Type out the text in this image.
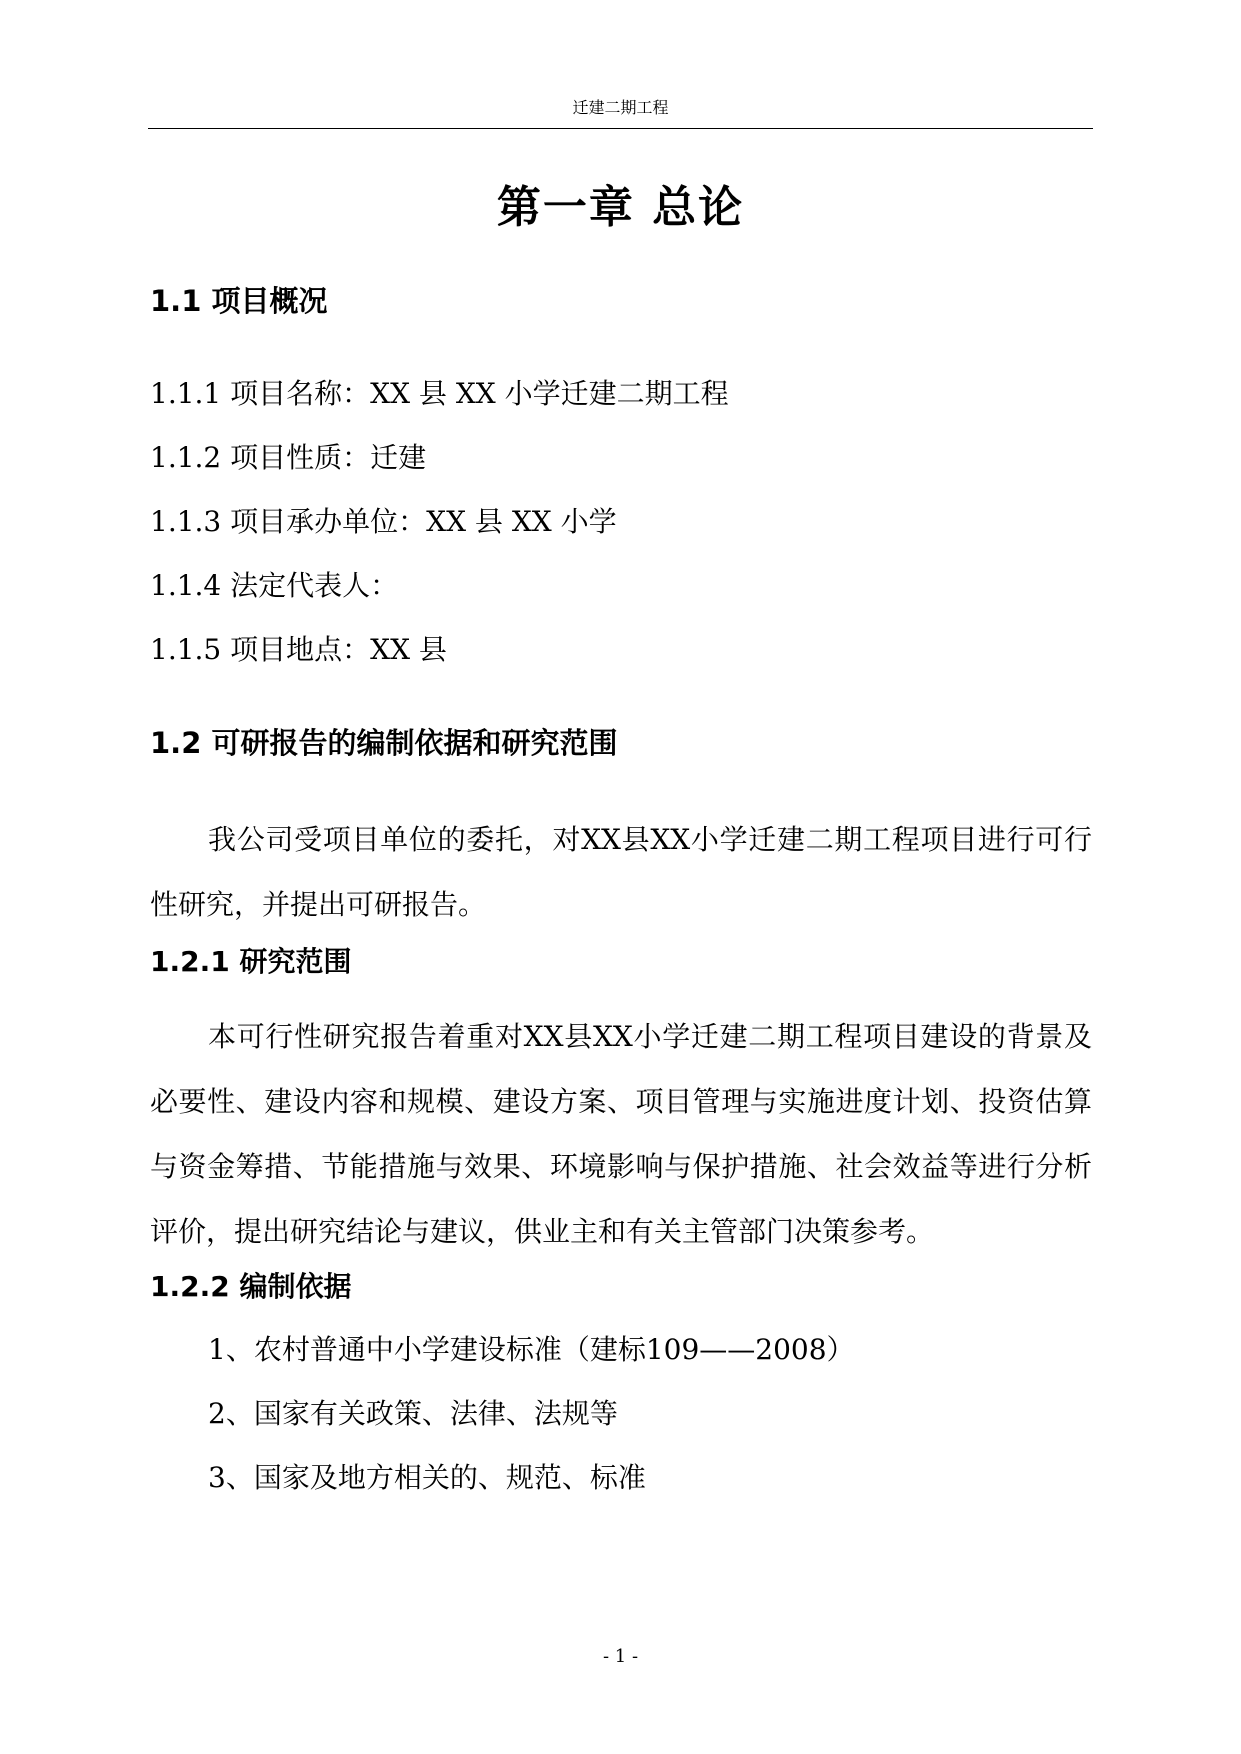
迁建二期工程
第一章 总论
1.1 项目概况
1.1.1 项目名称：XX 县 XX 小学迁建二期工程
1.1.2 项目性质：迁建
1.1.3 项目承办单位：XX 县 XX 小学
1.1.4 法定代表人：
1.1.5 项目地点：XX 县
1.2 可研报告的编制依据和研究范围
我公司受项目单位的委托，对XX县XX小学迁建二期工程项目进行可行性研究，并提出可研报告。
1.2.1 研究范围
本可行性研究报告着重对XX县XX小学迁建二期工程项目建设的背景及必要性、建设内容和规模、建设方案、项目管理与实施进度计划、投资估算与资金筹措、节能措施与效果、环境影响与保护措施、社会效益等进行分析评价，提出研究结论与建议，供业主和有关主管部门决策参考。
1.2.2 编制依据
1、农村普通中小学建设标准（建标109——2008）
2、国家有关政策、法律、法规等
3、国家及地方相关的、规范、标准
- 1 -
